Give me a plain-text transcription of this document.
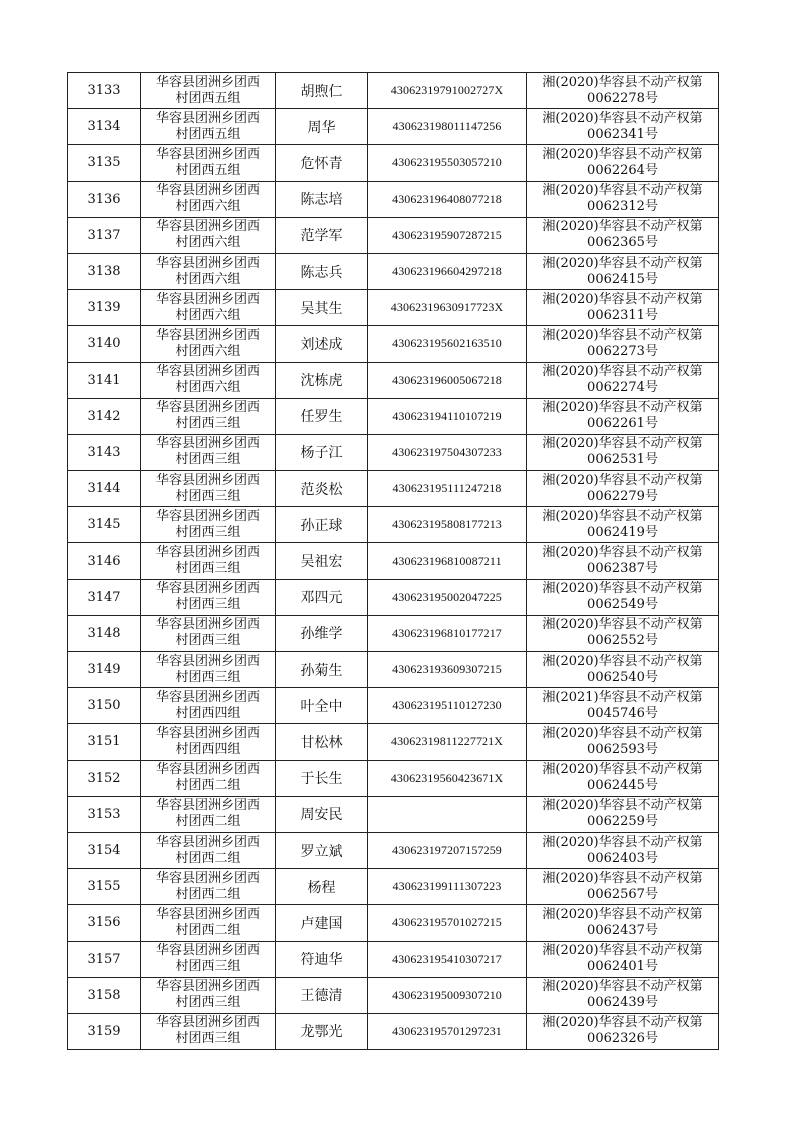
3133	华容县团洲乡团西
村团西五组	胡煦仁	43062319791002727X	湘(2020)华容县不动产权第
0062278号

3134	华容县团洲乡团西
村团西五组	周华	430623198011147256	湘(2020)华容县不动产权第
0062341号

3135	华容县团洲乡团西
村团西五组	危怀青	430623195503057210	湘(2020)华容县不动产权第
0062264号

3136	华容县团洲乡团西
村团西六组	陈志培	430623196408077218	湘(2020)华容县不动产权第
0062312号

3137	华容县团洲乡团西
村团西六组	范学军	430623195907287215	湘(2020)华容县不动产权第
0062365号

3138	华容县团洲乡团西
村团西六组	陈志兵	430623196604297218	湘(2020)华容县不动产权第
0062415号

3139	华容县团洲乡团西
村团西六组	吴其生	43062319630917723X	湘(2020)华容县不动产权第
0062311号

3140	华容县团洲乡团西
村团西六组	刘述成	430623195602163510	湘(2020)华容县不动产权第
0062273号

3141	华容县团洲乡团西
村团西六组	沈栋虎	430623196005067218	湘(2020)华容县不动产权第
0062274号

3142	华容县团洲乡团西
村团西三组	任罗生	430623194110107219	湘(2020)华容县不动产权第
0062261号

3143	华容县团洲乡团西
村团西三组	杨子江	430623197504307233	湘(2020)华容县不动产权第
0062531号

3144	华容县团洲乡团西
村团西三组	范炎松	430623195111247218	湘(2020)华容县不动产权第
0062279号

3145	华容县团洲乡团西
村团西三组	孙正球	430623195808177213	湘(2020)华容县不动产权第
0062419号

3146	华容县团洲乡团西
村团西三组	吴祖宏	430623196810087211	湘(2020)华容县不动产权第
0062387号

3147	华容县团洲乡团西
村团西三组	邓四元	430623195002047225	湘(2020)华容县不动产权第
0062549号

3148	华容县团洲乡团西
村团西三组	孙维学	430623196810177217	湘(2020)华容县不动产权第
0062552号

3149	华容县团洲乡团西
村团西三组	孙菊生	430623193609307215	湘(2020)华容县不动产权第
0062540号

3150	华容县团洲乡团西
村团西四组	叶全中	430623195110127230	湘(2021)华容县不动产权第
0045746号

3151	华容县团洲乡团西
村团西四组	甘松林	43062319811227721X	湘(2020)华容县不动产权第
0062593号

3152	华容县团洲乡团西
村团西二组	于长生	43062319560423671X	湘(2020)华容县不动产权第
0062445号

3153	华容县团洲乡团西
村团西二组	周安民		湘(2020)华容县不动产权第
0062259号

3154	华容县团洲乡团西
村团西二组	罗立斌	430623197207157259	湘(2020)华容县不动产权第
0062403号

3155	华容县团洲乡团西
村团西二组	杨程	430623199111307223	湘(2020)华容县不动产权第
0062567号

3156	华容县团洲乡团西
村团西二组	卢建国	430623195701027215	湘(2020)华容县不动产权第
0062437号

3157	华容县团洲乡团西
村团西三组	符迪华	430623195410307217	湘(2020)华容县不动产权第
0062401号

3158	华容县团洲乡团西
村团西三组	王德清	430623195009307210	湘(2020)华容县不动产权第
0062439号

3159	华容县团洲乡团西
村团西三组	龙鄂光	430623195701297231	湘(2020)华容县不动产权第
0062326号
